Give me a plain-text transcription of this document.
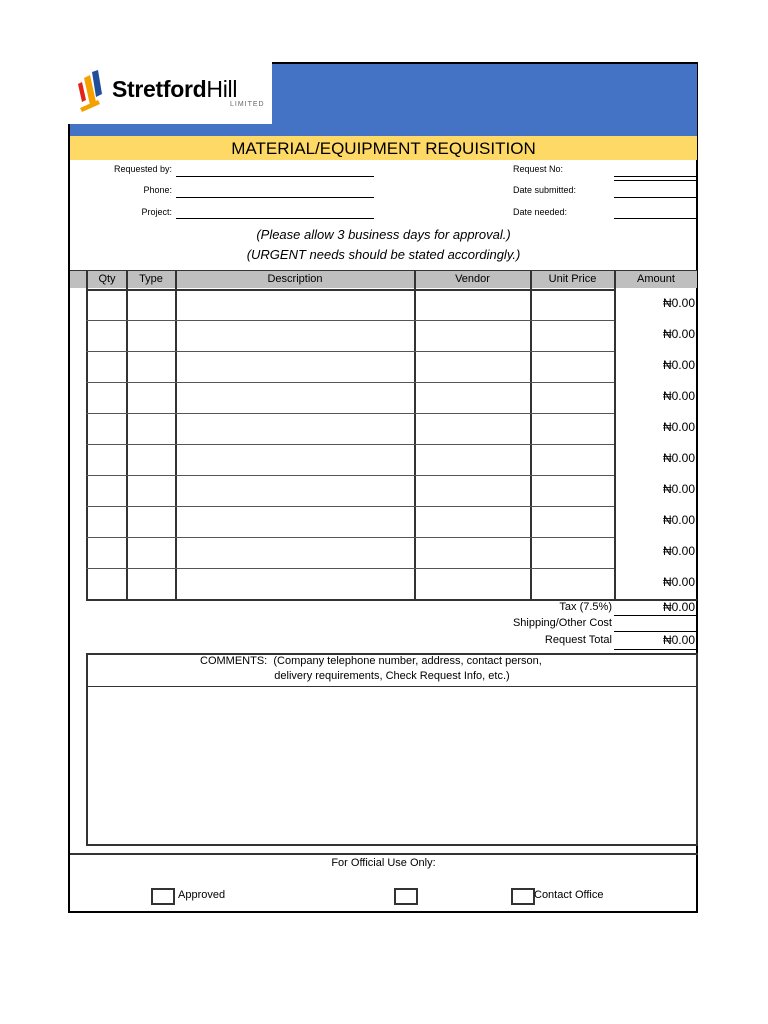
StretfordHill
LIMITED
MATERIAL/EQUIPMENT REQUISITION
Requested by:
Phone:
Project:
Request No:
Date submitted:
Date needed:
(Please allow 3 business days for approval.)
(URGENT needs should be stated accordingly.)
Qty	Type	Description	Vendor	Unit Price	Amount
₦0.00
₦0.00
₦0.00
₦0.00
₦0.00
₦0.00
₦0.00
₦0.00
₦0.00
₦0.00
Tax (7.5%)	₦0.00
Shipping/Other Cost
Request Total	₦0.00
COMMENTS: (Company telephone number, address, contact person,
delivery requirements, Check Request Info, etc.)
For Official Use Only:
Approved	Contact Office
